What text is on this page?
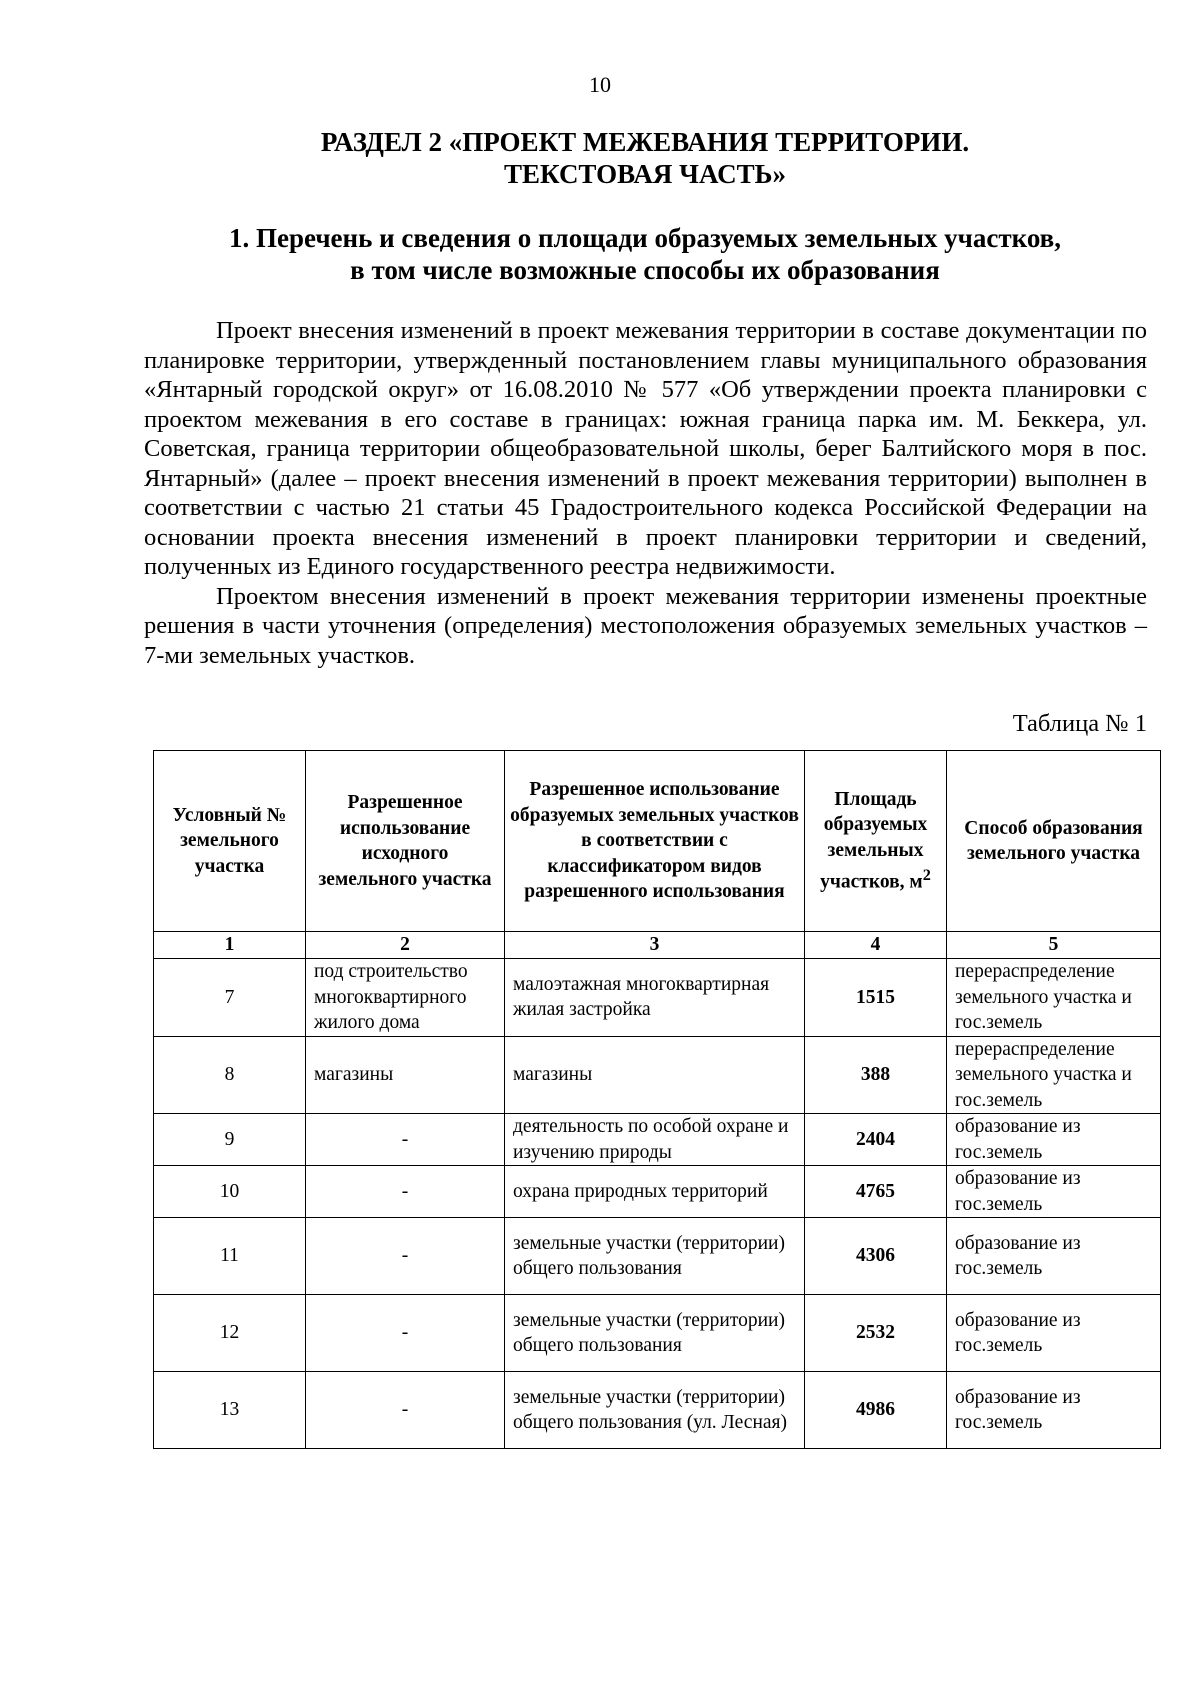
10
РАЗДЕЛ 2 «ПРОЕКТ МЕЖЕВАНИЯ ТЕРРИТОРИИ.
ТЕКСТОВАЯ ЧАСТЬ»
1. Перечень и сведения о площади образуемых земельных участков,
в том числе возможные способы их образования

Проект внесения изменений в проект межевания территории в составе документации по планировке территории, утвержденный постановлением главы муниципального образования «Янтарный городской округ» от 16.08.2010 № 577 «Об утверждении проекта планировки с проектом межевания в его составе в границах: южная граница парка им. М. Беккера, ул. Советская, граница территории общеобразовательной школы, берег Балтийского моря в пос. Янтарный» (далее – проект внесения изменений в проект межевания территории) выполнен в соответствии с частью 21 статьи 45 Градостроительного кодекса Российской Федерации на основании проекта внесения изменений в проект планировки территории и сведений, полученных из Единого государственного реестра недвижимости.

Проектом внесения изменений в проект межевания территории изменены проектные решения в части уточнения (определения) местоположения образуемых земельных участков – 7-ми земельных участков.

Таблица № 1
Условный № земельного участка	Разрешенное использование исходного земельного участка	Разрешенное использование образуемых земельных участков в соответствии с классификатором видов разрешенного использования	Площадь образуемых земельных участков, $м^2$	Способ образования земельного участка
1	2	3	4	5
7	под строительство многоквартирного жилого дома	малоэтажная многоквартирная жилая застройка	1515	перераспределение земельного участка и гос.земель
8	магазины	магазины	388	перераспределение земельного участка и гос.земель
9	-	деятельность по особой охране и изучению природы	2404	образование из гос.земель
10	-	охрана природных территорий	4765	образование из гос.земель
11	-	земельные участки (территории) общего пользования	4306	образование из гос.земель
12	-	земельные участки (территории) общего пользования	2532	образование из гос.земель
13	-	земельные участки (территории) общего пользования (ул. Лесная)	4986	образование из гос.земель
